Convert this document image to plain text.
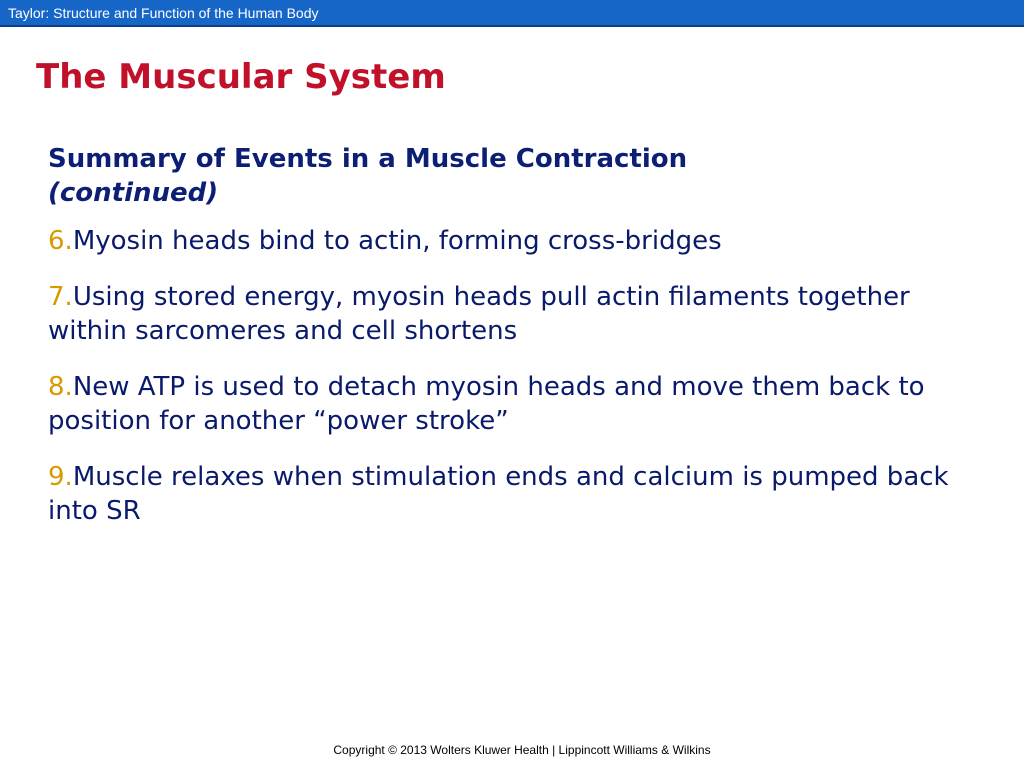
Taylor: Structure and Function of the Human Body
The Muscular System
Summary of Events in a Muscle Contraction
(continued)
6.Myosin heads bind to actin, forming cross-bridges
7.Using stored energy, myosin heads pull actin filaments together within sarcomeres and cell shortens
8.New ATP is used to detach myosin heads and move them back to position for another “power stroke”
9.Muscle relaxes when stimulation ends and calcium is pumped back into SR
Copyright © 2013 Wolters Kluwer Health | Lippincott Williams & Wilkins
